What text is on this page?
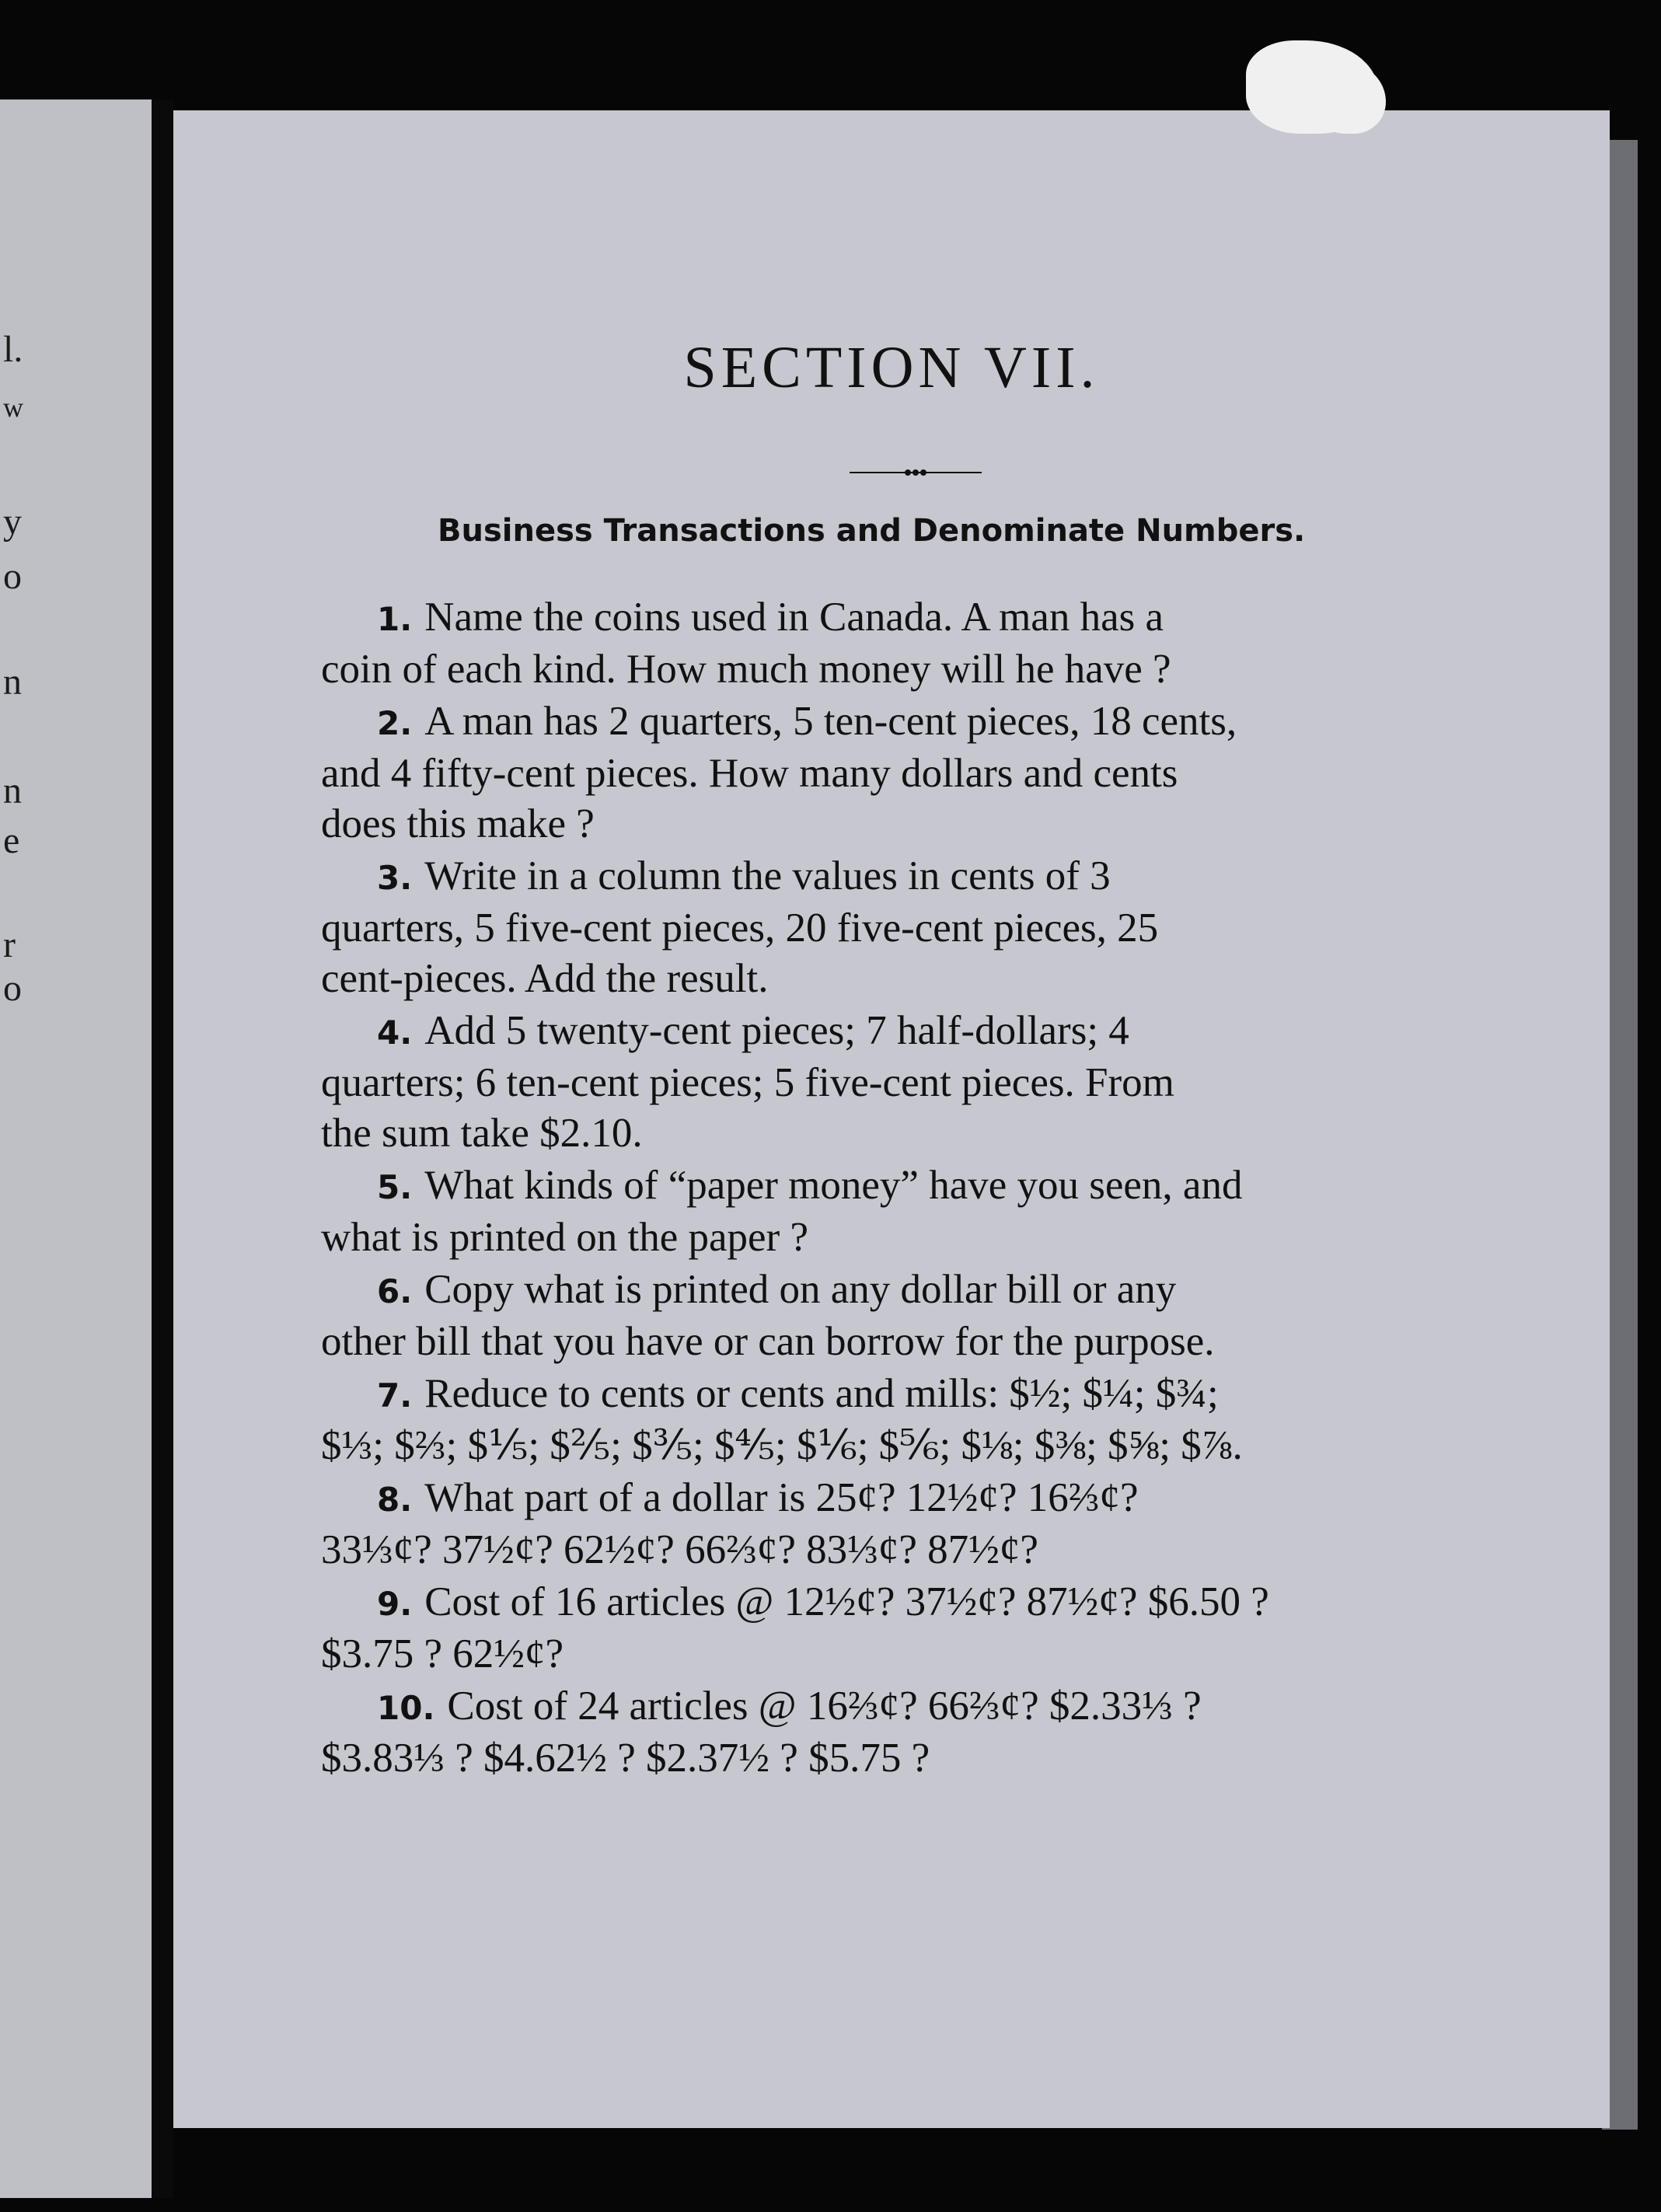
l.
w
y
o
n
n
e
r
o
SECTION VII.
Business Transactions and Denominate Numbers.
1. Name the coins used in Canada. A man has a
coin of each kind. How much money will he have ?
2. A man has 2 quarters, 5 ten-cent pieces, 18 cents,
and 4 fifty-cent pieces. How many dollars and cents
does this make ?
3. Write in a column the values in cents of 3
quarters, 5 five-cent pieces, 20 five-cent pieces, 25
cent-pieces. Add the result.
4. Add 5 twenty-cent pieces; 7 half-dollars; 4
quarters; 6 ten-cent pieces; 5 five-cent pieces. From
the sum take $2.10.
5. What kinds of “paper money” have you seen, and
what is printed on the paper ?
6. Copy what is printed on any dollar bill or any
other bill that you have or can borrow for the purpose.
7. Reduce to cents or cents and mills: $½; $¼; $¾;
$⅓; $⅔; $⅕; $⅖; $⅗; $⅘; $⅙; $⅚; $⅛; $⅜; $⅝; $⅞.
8. What part of a dollar is 25¢? 12½¢? 16⅔¢?
33⅓¢? 37½¢? 62½¢? 66⅔¢? 83⅓¢? 87½¢?
9. Cost of 16 articles @ 12½¢? 37½¢? 87½¢? $6.50 ?
$3.75 ? 62½¢?
10. Cost of 24 articles @ 16⅔¢? 66⅔¢? $2.33⅓ ?
$3.83⅓ ? $4.62½ ? $2.37½ ? $5.75 ?
